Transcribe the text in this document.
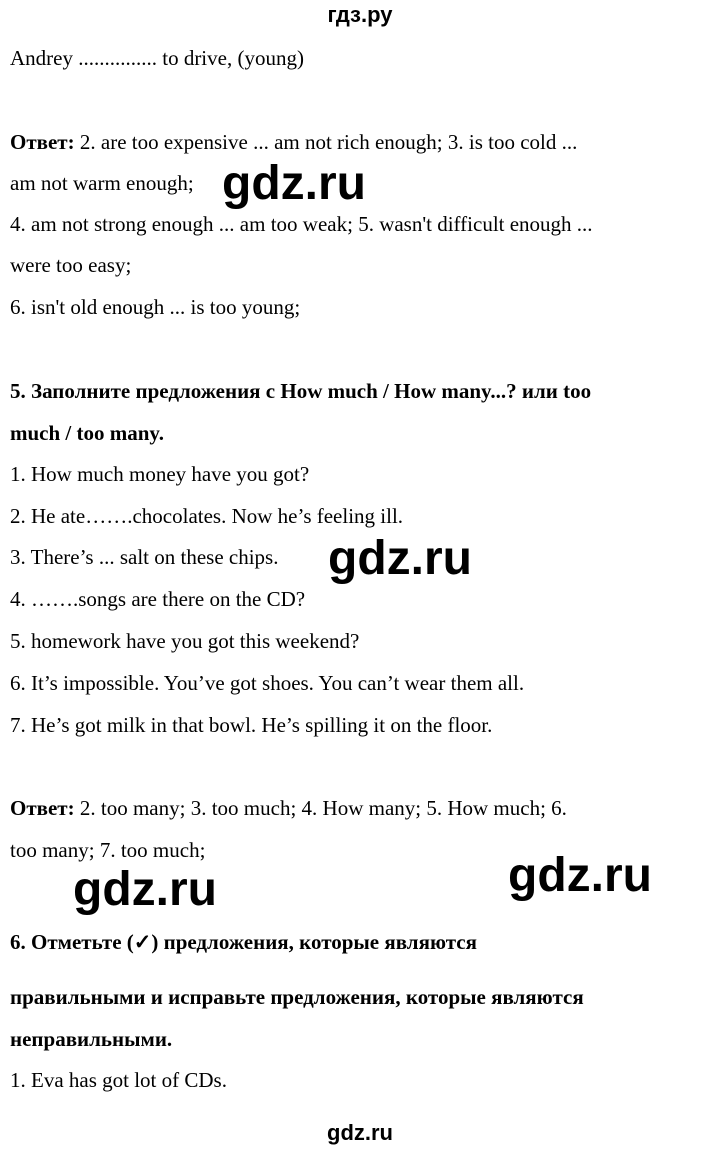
гдз.ру
Andrey ............... to drive, (young)
Ответ: 2. are too expensive ... am not rich enough; 3. is too cold ...
am not warm enough;
4. am not strong enough ... am too weak; 5. wasn't difficult enough ...
were too easy;
6. isn't old enough ... is too young;
5. Заполните предложения с How much / How many...? или too
much / too many.
1. How much money have you got?
2. He ate…….chocolates. Now he’s feeling ill.
3. There’s ... salt on these chips.
4. …….songs are there on the CD?
5. homework have you got this weekend?
6. It’s impossible. You’ve got shoes. You can’t wear them all.
7. He’s got milk in that bowl. He’s spilling it on the floor.
Ответ: 2. too many; 3. too much; 4. How many; 5. How much; 6.
too many; 7. too much;
6. Отметьте (✓) предложения, которые являются
правильными и исправьте предложения, которые являются
неправильными.
1. Eva has got lot of CDs.
gdz.ru
gdz.ru
gdz.ru	gdz.ru
gdz.ru
